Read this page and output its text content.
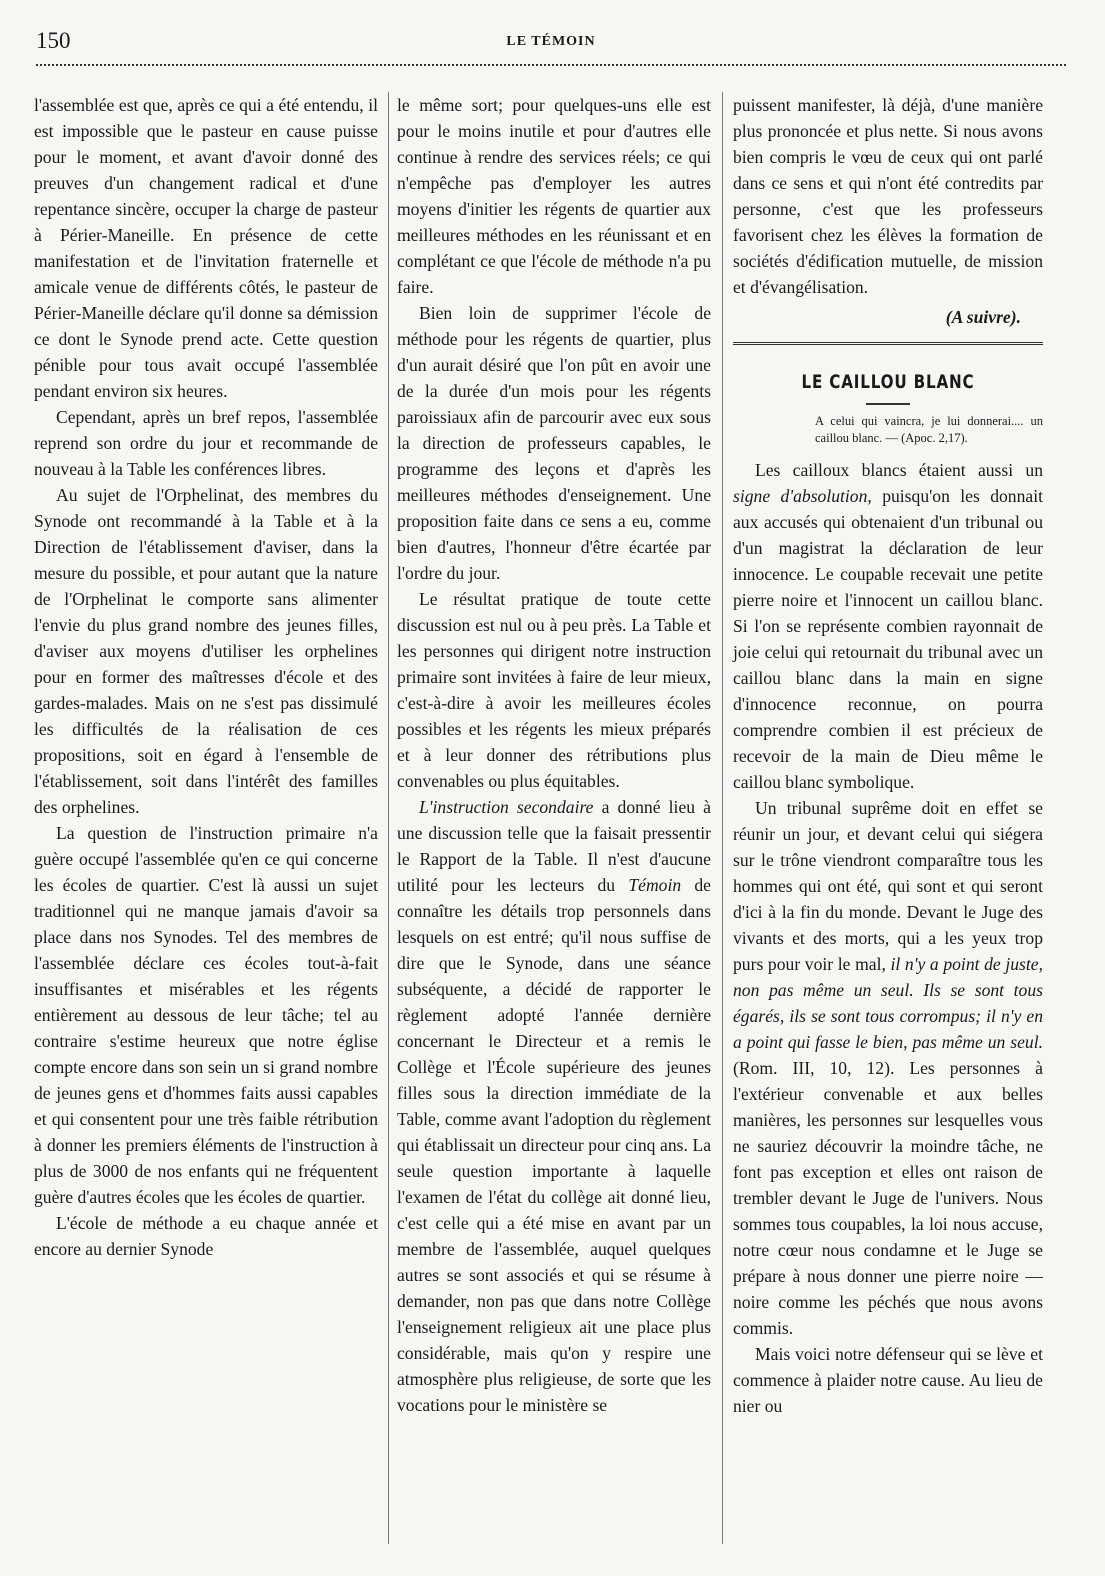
150	LE TÉMOIN

l'assemblée est que, après ce qui a été entendu, il est impossible que le pasteur en cause puisse pour le moment, et avant d'avoir donné des preuves d'un changement radical et d'une repentance sincère, occuper la charge de pasteur à Périer-Maneille. En présence de cette manifestation et de l'invitation fraternelle et amicale venue de différents côtés, le pasteur de Périer-Maneille déclare qu'il donne sa démission ce dont le Synode prend acte. Cette question pénible pour tous avait occupé l'assemblée pendant environ six heures.

Cependant, après un bref repos, l'assemblée reprend son ordre du jour et recommande de nouveau à la Table les conférences libres.

Au sujet de l'Orphelinat, des membres du Synode ont recommandé à la Table et à la Direction de l'établissement d'aviser, dans la mesure du possible, et pour autant que la nature de l'Orphelinat le comporte sans alimenter l'envie du plus grand nombre des jeunes filles, d'aviser aux moyens d'utiliser les orphelines pour en former des maîtresses d'école et des gardes-malades. Mais on ne s'est pas dissimulé les difficultés de la réalisation de ces propositions, soit en égard à l'ensemble de l'établissement, soit dans l'intérêt des familles des orphelines.

La question de l'instruction primaire n'a guère occupé l'assemblée qu'en ce qui concerne les écoles de quartier. C'est là aussi un sujet traditionnel qui ne manque jamais d'avoir sa place dans nos Synodes. Tel des membres de l'assemblée déclare ces écoles tout-à-fait insuffisantes et misérables et les régents entièrement au dessous de leur tâche; tel au contraire s'estime heureux que notre église compte encore dans son sein un si grand nombre de jeunes gens et d'hommes faits aussi capables et qui consentent pour une très faible rétribution à donner les premiers éléments de l'instruction à plus de 3000 de nos enfants qui ne fréquentent guère d'autres écoles que les écoles de quartier.

L'école de méthode a eu chaque année et encore au dernier Synode

le même sort; pour quelques-uns elle est pour le moins inutile et pour d'autres elle continue à rendre des services réels; ce qui n'empêche pas d'employer les autres moyens d'initier les régents de quartier aux meilleures méthodes en les réunissant et en complétant ce que l'école de méthode n'a pu faire.

Bien loin de supprimer l'école de méthode pour les régents de quartier, plus d'un aurait désiré que l'on pût en avoir une de la durée d'un mois pour les régents paroissiaux afin de parcourir avec eux sous la direction de professeurs capables, le programme des leçons et d'après les meilleures méthodes d'enseignement. Une proposition faite dans ce sens a eu, comme bien d'autres, l'honneur d'être écartée par l'ordre du jour.

Le résultat pratique de toute cette discussion est nul ou à peu près. La Table et les personnes qui dirigent notre instruction primaire sont invitées à faire de leur mieux, c'est-à-dire à avoir les meilleures écoles possibles et les régents les mieux préparés et à leur donner des rétributions plus convenables ou plus équitables.

L'instruction secondaire a donné lieu à une discussion telle que la faisait pressentir le Rapport de la Table. Il n'est d'aucune utilité pour les lecteurs du Témoin de connaître les détails trop personnels dans lesquels on est entré; qu'il nous suffise de dire que le Synode, dans une séance subséquente, a décidé de rapporter le règlement adopté l'année dernière concernant le Directeur et a remis le Collège et l'École supérieure des jeunes filles sous la direction immédiate de la Table, comme avant l'adoption du règlement qui établissait un directeur pour cinq ans. La seule question importante à laquelle l'examen de l'état du collège ait donné lieu, c'est celle qui a été mise en avant par un membre de l'assemblée, auquel quelques autres se sont associés et qui se résume à demander, non pas que dans notre Collège l'enseignement religieux ait une place plus considérable, mais qu'on y respire une atmosphère plus religieuse, de sorte que les vocations pour le ministère se

puissent manifester, là déjà, d'une manière plus prononcée et plus nette. Si nous avons bien compris le vœu de ceux qui ont parlé dans ce sens et qui n'ont été contredits par personne, c'est que les professeurs favorisent chez les élèves la formation de sociétés d'édification mutuelle, de mission et d'évangélisation.

(A suivre).
LE CAILLOU BLANC
A celui qui vaincra, je lui donnerai.... un caillou blanc. — (Apoc. 2,17).

Les cailloux blancs étaient aussi un signe d'absolution, puisqu'on les donnait aux accusés qui obtenaient d'un tribunal ou d'un magistrat la déclaration de leur innocence. Le coupable recevait une petite pierre noire et l'innocent un caillou blanc. Si l'on se représente combien rayonnait de joie celui qui retournait du tribunal avec un caillou blanc dans la main en signe d'innocence reconnue, on pourra comprendre combien il est précieux de recevoir de la main de Dieu même le caillou blanc symbolique.

Un tribunal suprême doit en effet se réunir un jour, et devant celui qui siégera sur le trône viendront comparaître tous les hommes qui ont été, qui sont et qui seront d'ici à la fin du monde. Devant le Juge des vivants et des morts, qui a les yeux trop purs pour voir le mal, il n'y a point de juste, non pas même un seul. Ils se sont tous égarés, ils se sont tous corrompus; il n'y en a point qui fasse le bien, pas même un seul. (Rom. III, 10, 12). Les personnes à l'extérieur convenable et aux belles manières, les personnes sur lesquelles vous ne sauriez découvrir la moindre tâche, ne font pas exception et elles ont raison de trembler devant le Juge de l'univers. Nous sommes tous coupables, la loi nous accuse, notre cœur nous condamne et le Juge se prépare à nous donner une pierre noire — noire comme les péchés que nous avons commis.

Mais voici notre défenseur qui se lève et commence à plaider notre cause. Au lieu de nier ou
